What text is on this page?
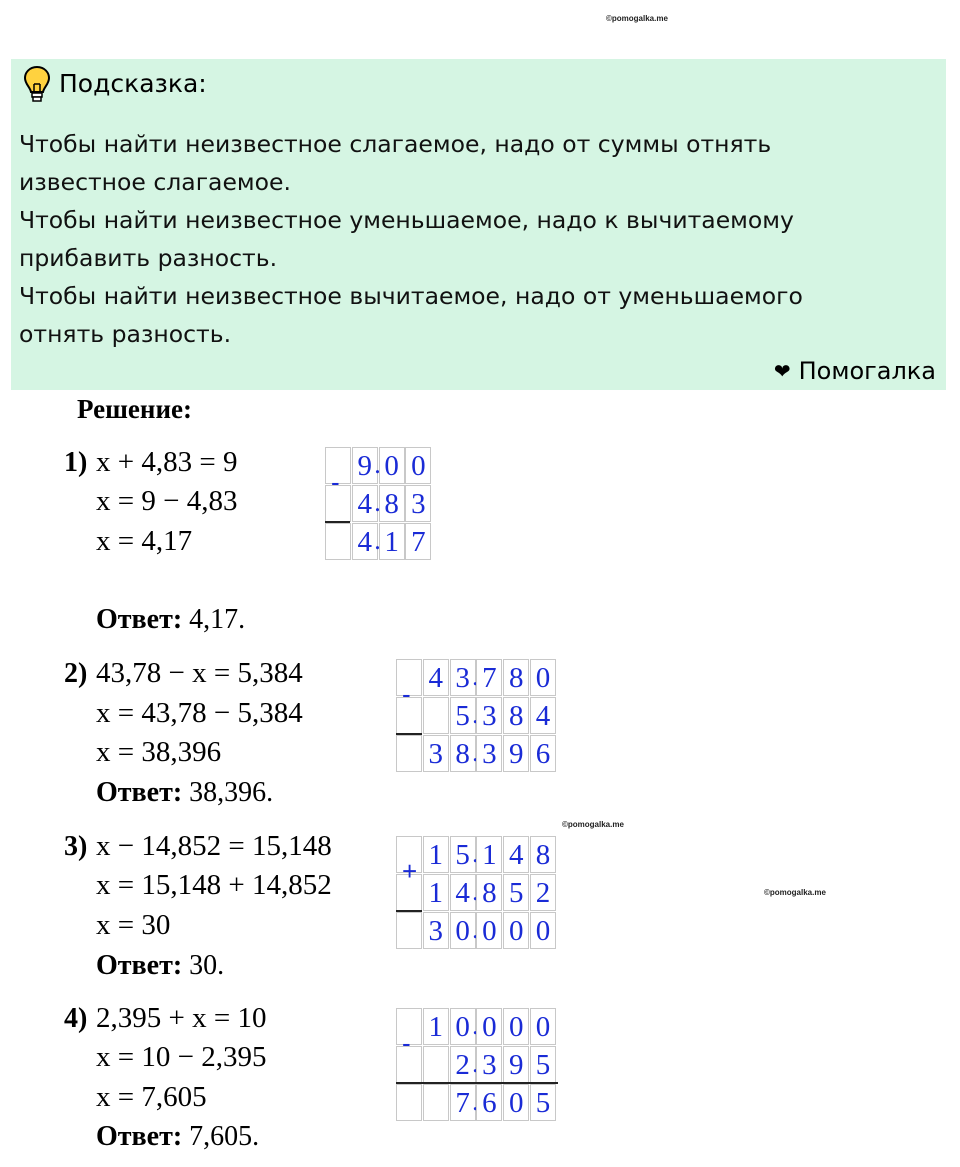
©pomogalka.me
©pomogalka.me
©pomogalka.me
Подсказка:
Чтобы найти неизвестное слагаемое, надо от суммы отнять
известное слагаемое.
Чтобы найти неизвестное уменьшаемое, надо к вычитаемому
прибавить разность.
Чтобы найти неизвестное вычитаемое, надо от уменьшаемого
отнять разность.
❤ Помогалка
Решение:
1) x + 4,83 = 9
x = 9 − 4,83
x = 4,17
Ответ: 4,17.
2) 43,78 − x = 5,384
x = 43,78 − 5,384
x = 38,396
Ответ: 38,396.
3) x − 14,852 = 15,148
x = 15,148 + 14,852
x = 30
Ответ: 30.
4) 2,395 + x = 10
x = 10 − 2,395
x = 7,605
Ответ: 7,605.
9 . 0 0
4 . 8 3
4 . 1 7
-
4 3 . 7 8 0
5 . 3 8 4
3 8 . 3 9 6
-
1 5 . 1 4 8
1 4 . 8 5 2
3 0 . 0 0 0
+
1 0 . 0 0 0
2 . 3 9 5
7 . 6 0 5
-
